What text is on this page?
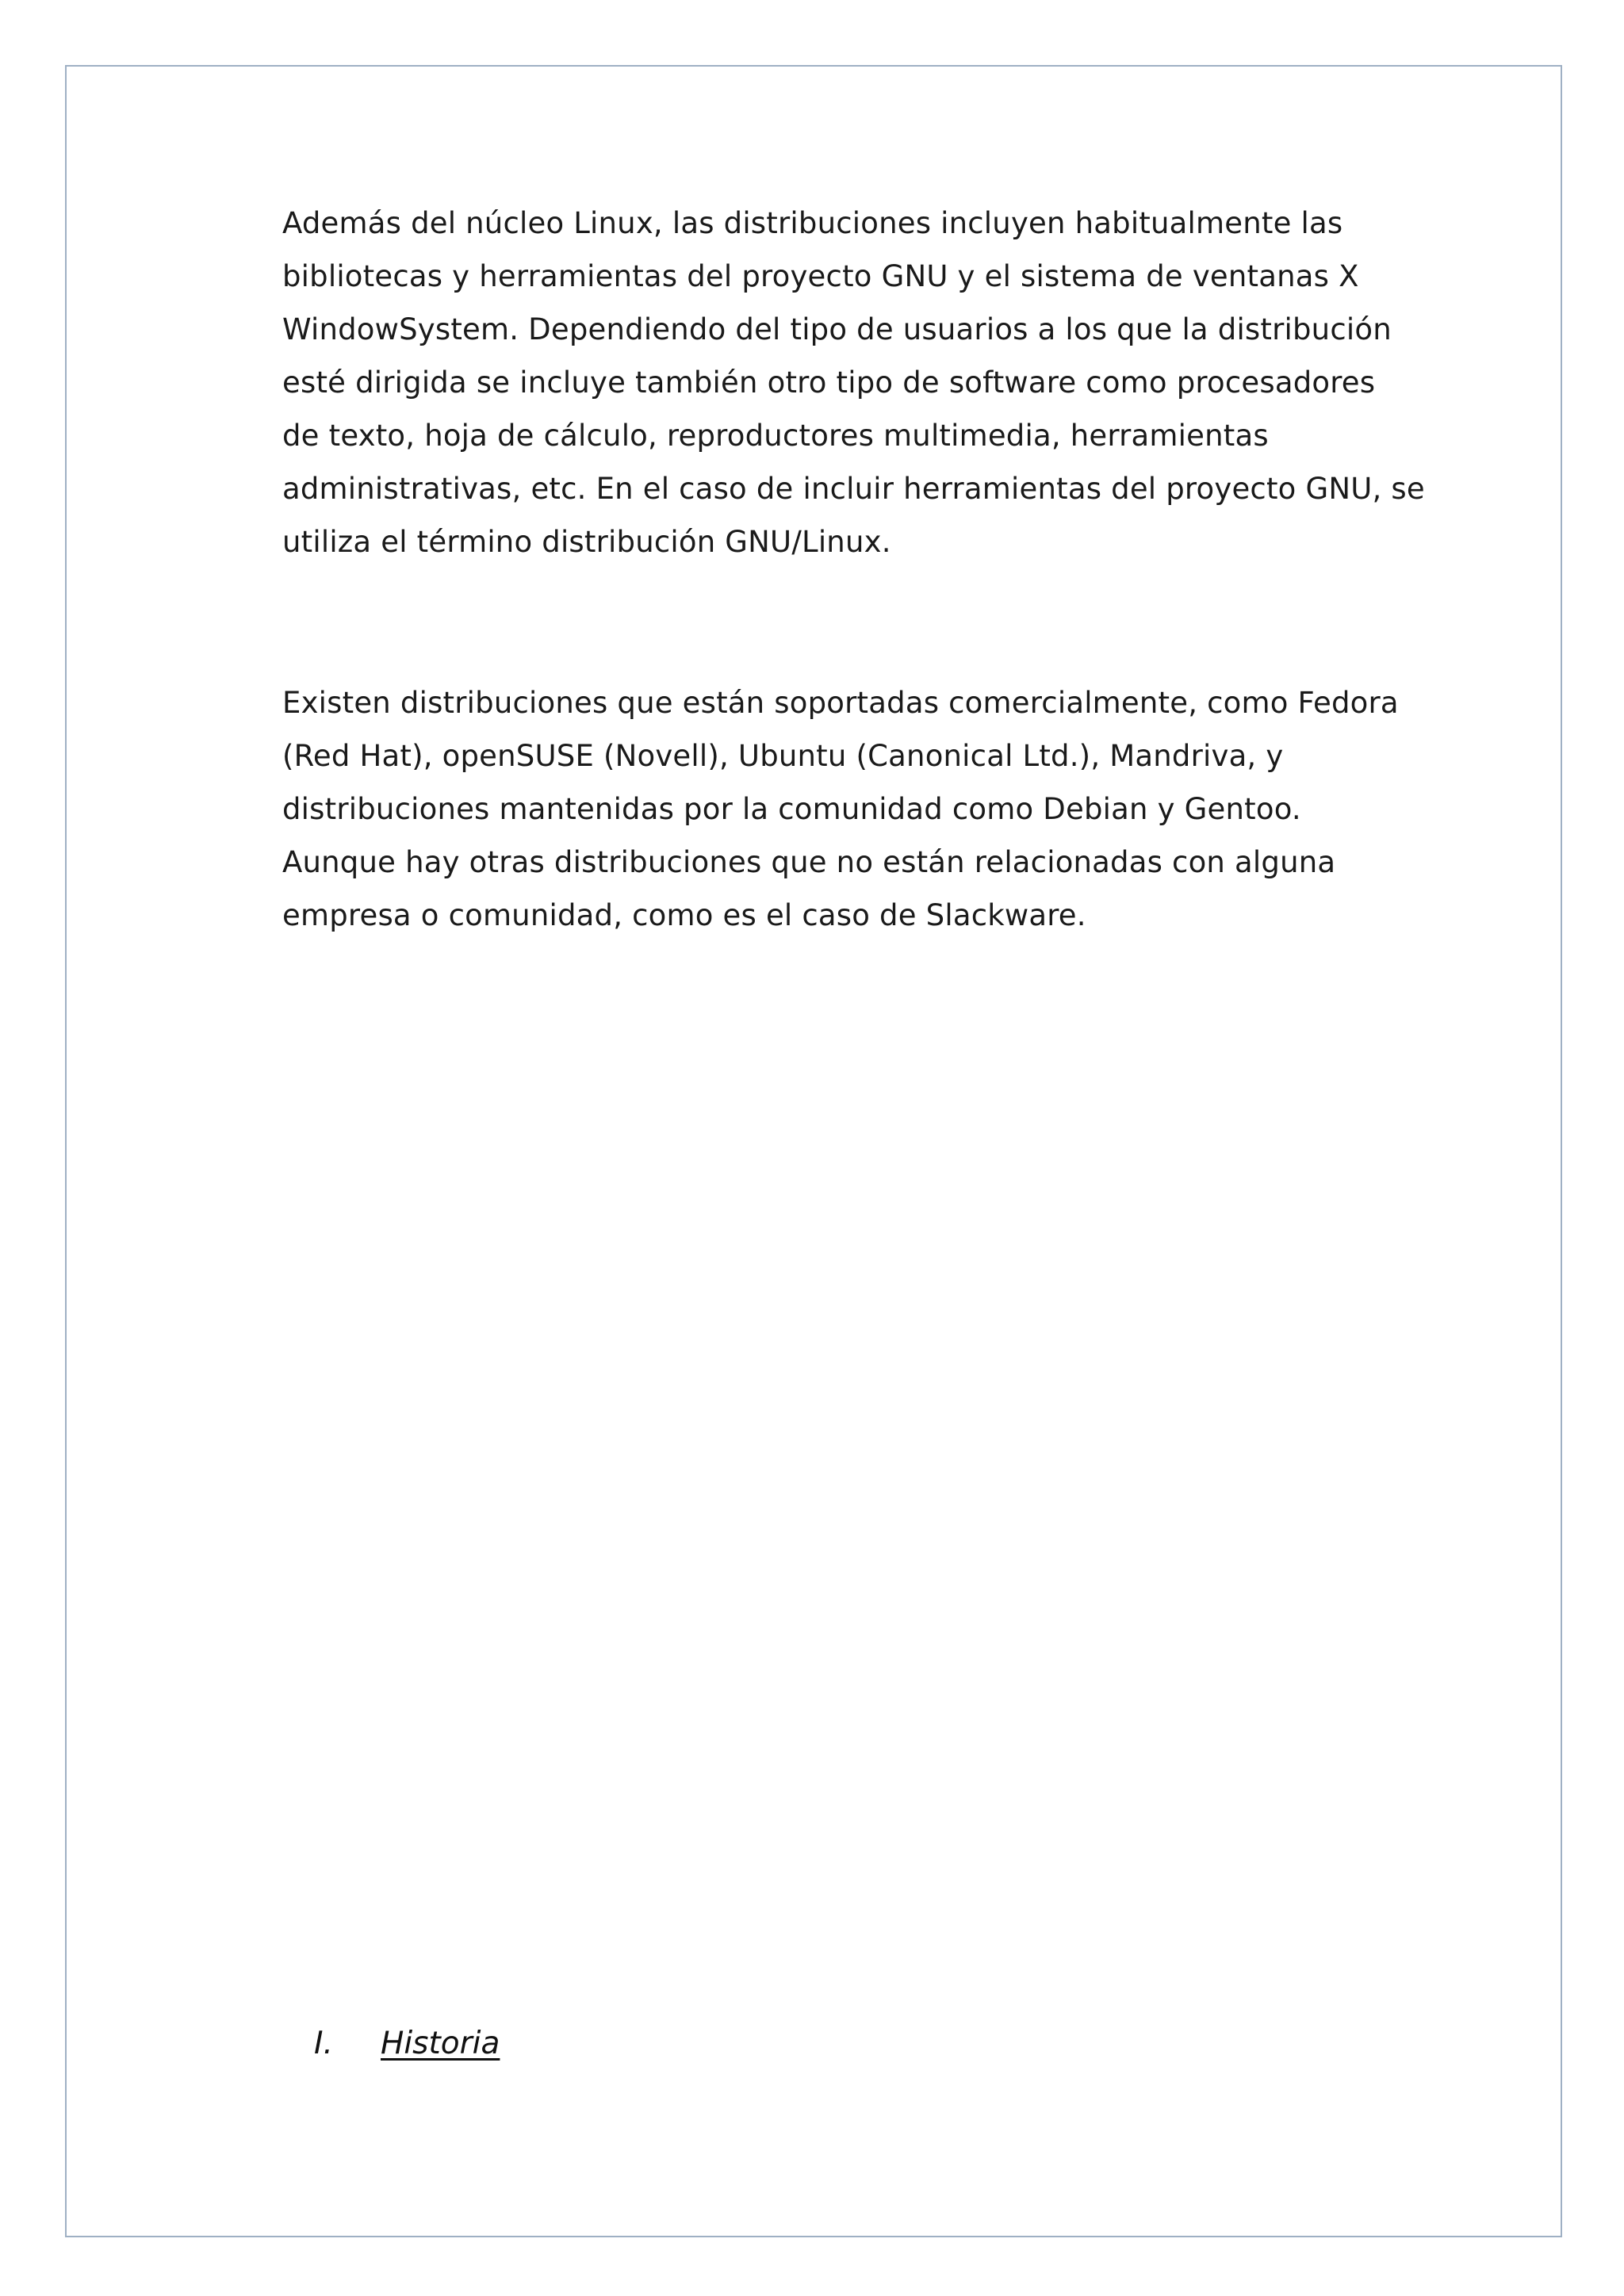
Además del núcleo Linux, las distribuciones incluyen habitualmente las
bibliotecas y herramientas del proyecto GNU y el sistema de ventanas X
WindowSystem. Dependiendo del tipo de usuarios a los que la distribución
esté dirigida se incluye también otro tipo de software como procesadores
de texto, hoja de cálculo, reproductores multimedia, herramientas
administrativas, etc. En el caso de incluir herramientas del proyecto GNU, se
utiliza el término distribución GNU/Linux.

Existen distribuciones que están soportadas comercialmente, como Fedora
(Red Hat), openSUSE (Novell), Ubuntu (Canonical Ltd.), Mandriva, y
distribuciones mantenidas por la comunidad como Debian y Gentoo.
Aunque hay otras distribuciones que no están relacionadas con alguna
empresa o comunidad, como es el caso de Slackware.

I. Historia
